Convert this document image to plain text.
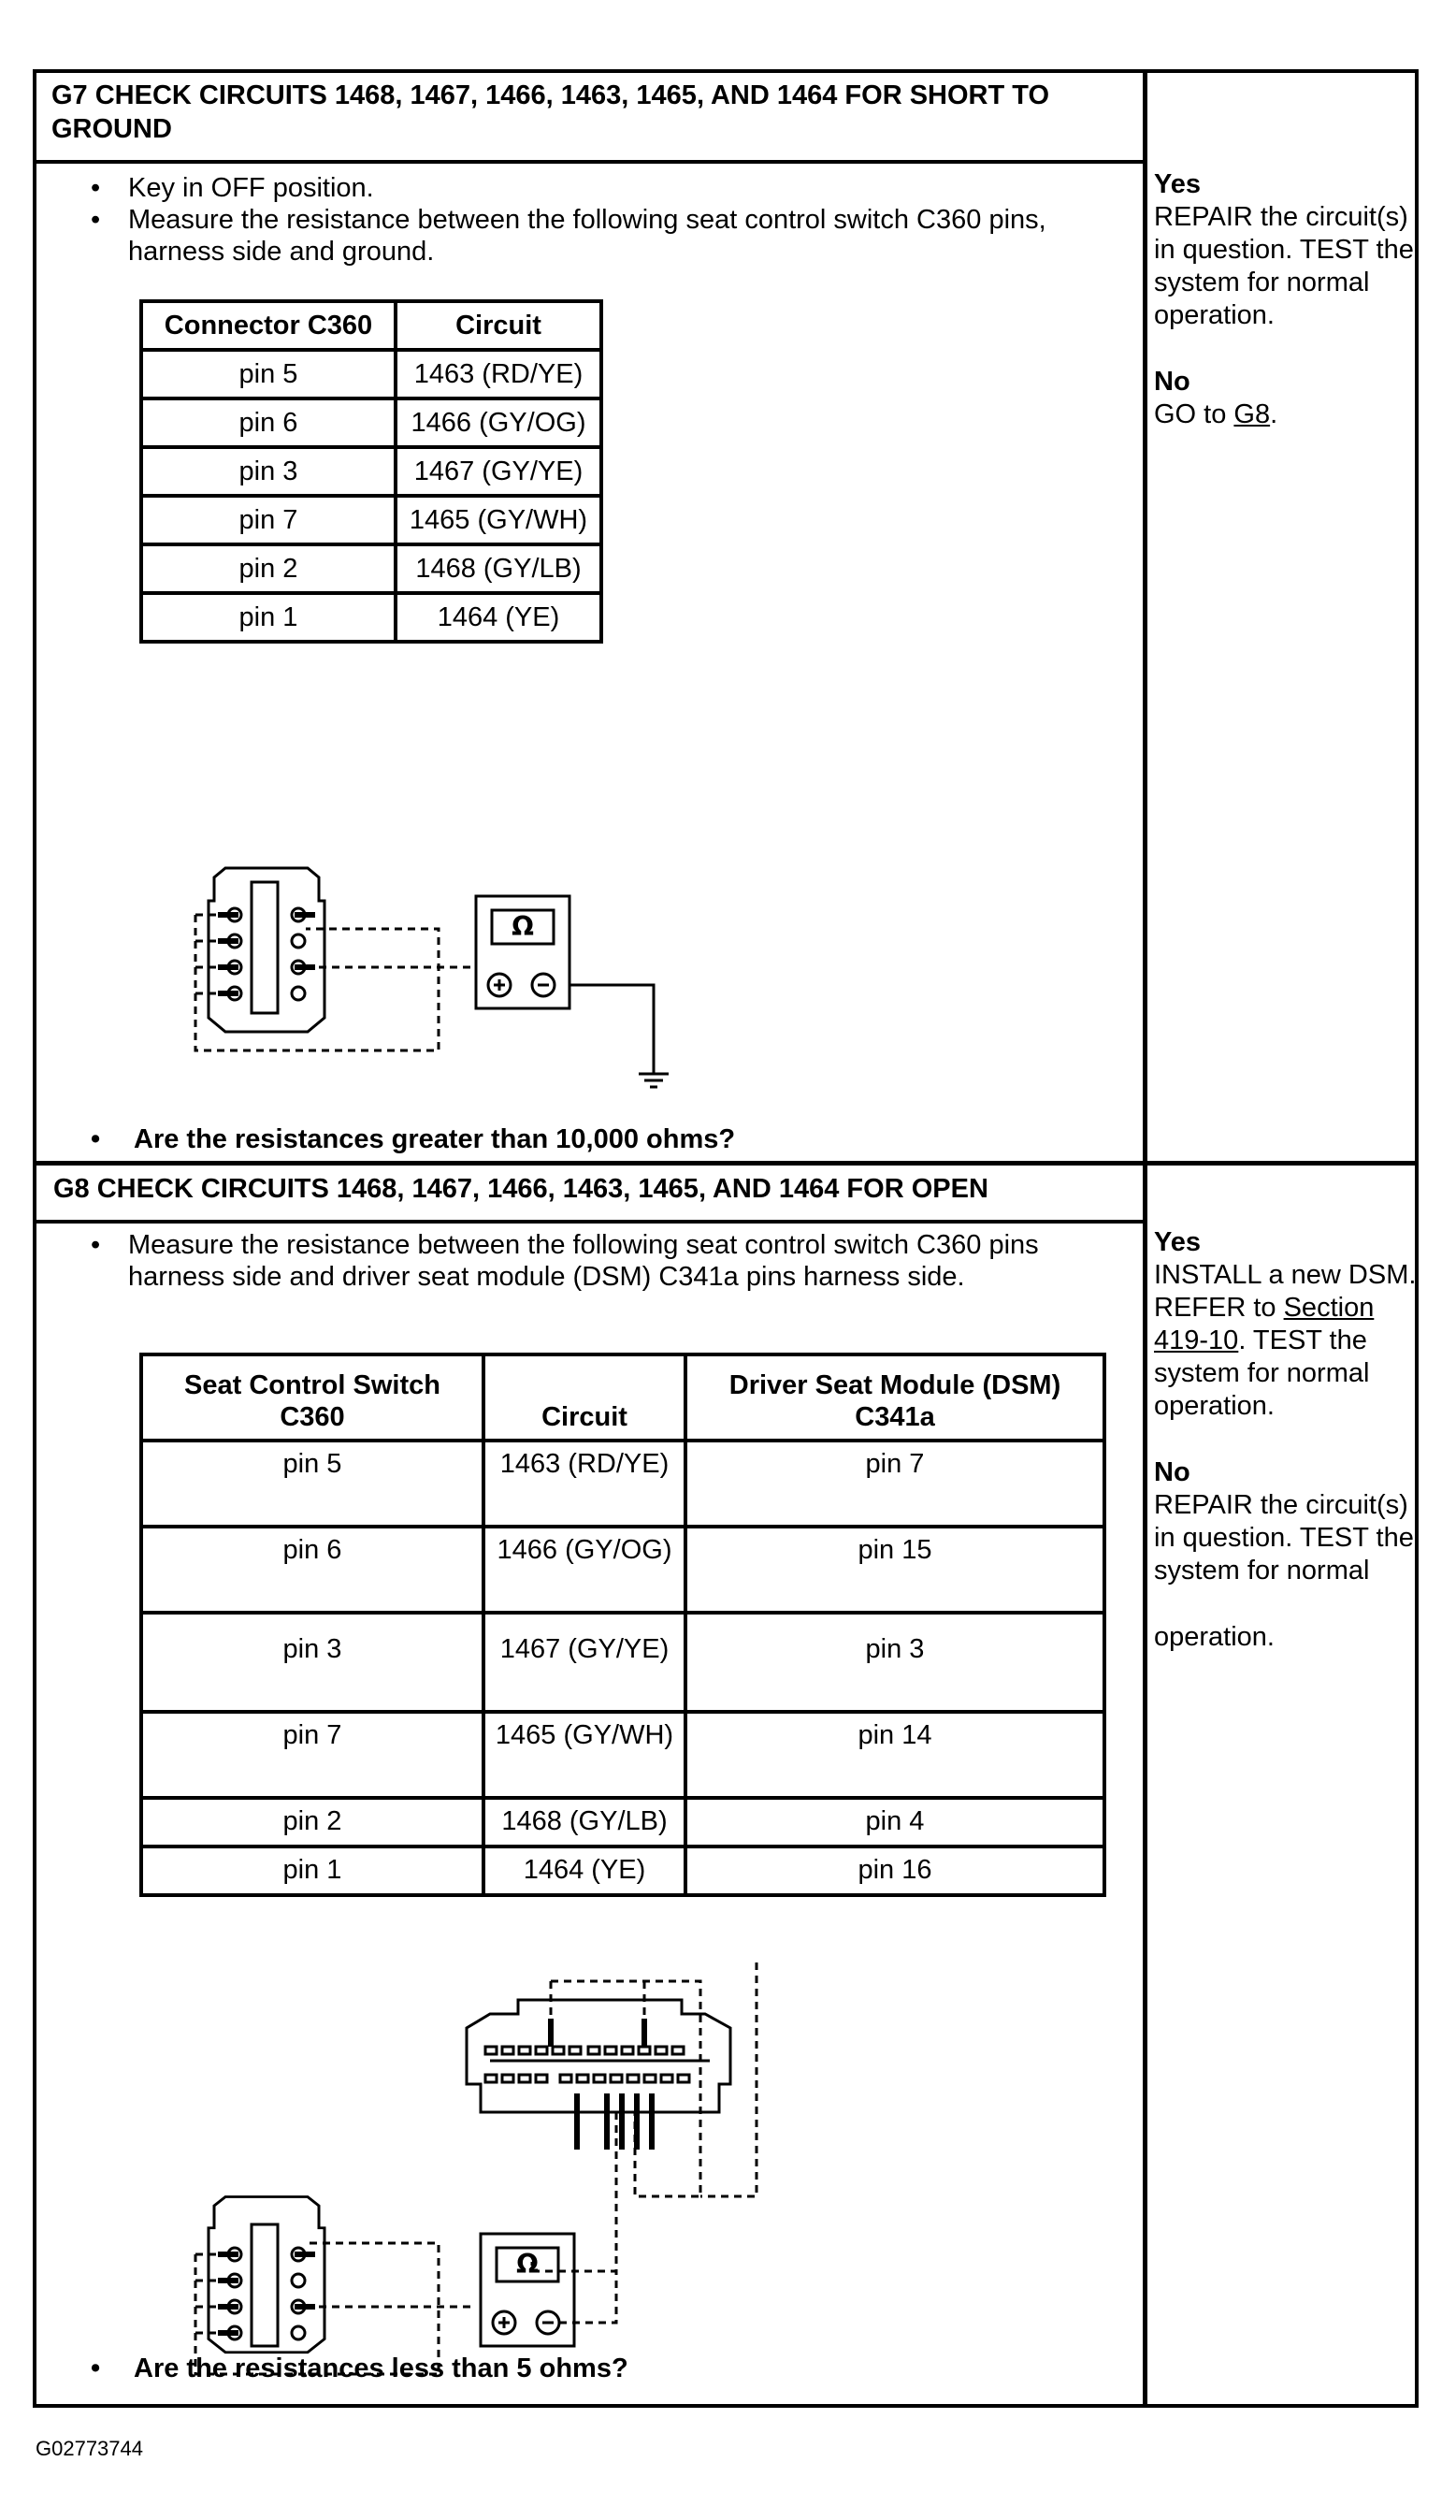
G7 CHECK CIRCUITS 1468, 1467, 1466, 1463, 1465, AND 1464 FOR SHORT TO GROUND
• Key in OFF position.
• Measure the resistance between the following seat control switch C360 pins, harness side and ground.
Connector C360	Circuit
pin 5	1463 (RD/YE)
pin 6	1466 (GY/OG)
pin 3	1467 (GY/YE)
pin 7	1465 (GY/WH)
pin 2	1468 (GY/LB)
pin 1	1464 (YE)
Ω
• Are the resistances greater than 10,000 ohms?
Yes
REPAIR the circuit(s) in question. TEST the system for normal operation.
No
GO to G8.
G8 CHECK CIRCUITS 1468, 1467, 1466, 1463, 1465, AND 1464 FOR OPEN
• Measure the resistance between the following seat control switch C360 pins harness side and driver seat module (DSM) C341a pins harness side.
Seat Control Switch C360	Circuit	Driver Seat Module (DSM) C341a
pin 5	1463 (RD/YE)	pin 7
pin 6	1466 (GY/OG)	pin 15
pin 3	1467 (GY/YE)	pin 3
pin 7	1465 (GY/WH)	pin 14
pin 2	1468 (GY/LB)	pin 4
pin 1	1464 (YE)	pin 16
Ω
• Are the resistances less than 5 ohms?
Yes
INSTALL a new DSM. REFER to Section 419-10. TEST the system for normal operation.
No
REPAIR the circuit(s) in question. TEST the system for normal
operation.
G02773744
